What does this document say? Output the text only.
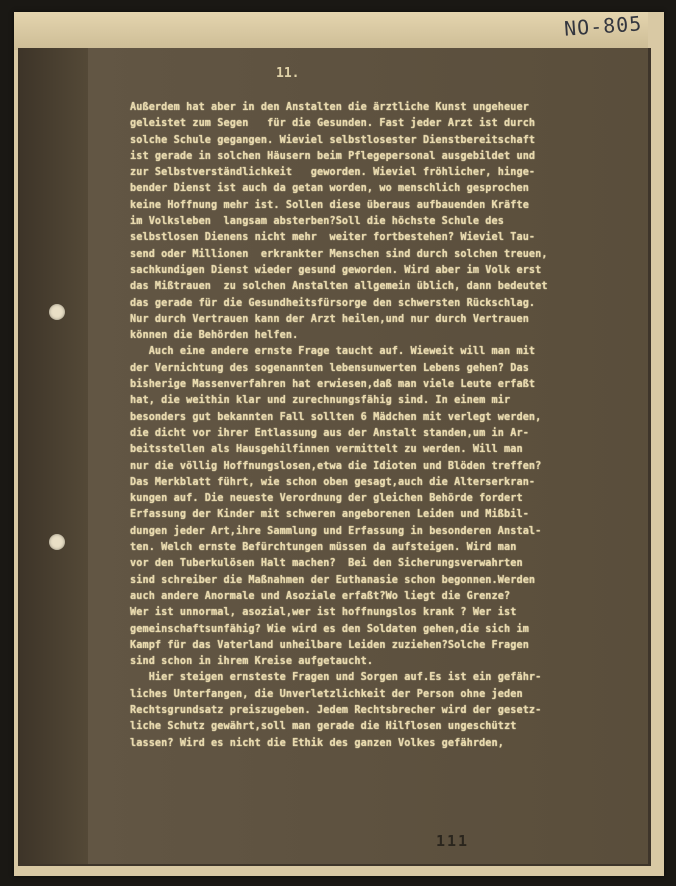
NO-805
11.
Außerdem hat aber in den Anstalten die ärztliche Kunst ungeheuer
geleistet zum Segen   für die Gesunden. Fast jeder Arzt ist durch
solche Schule gegangen. Wieviel selbstlosester Dienstbereitschaft
ist gerade in solchen Häusern beim Pflegepersonal ausgebildet und
zur Selbstverständlichkeit   geworden. Wieviel fröhlicher, hinge-
bender Dienst ist auch da getan worden, wo menschlich gesprochen
keine Hoffnung mehr ist. Sollen diese überaus aufbauenden Kräfte
im Volksleben  langsam absterben?Soll die höchste Schule des
selbstlosen Dienens nicht mehr  weiter fortbestehen? Wieviel Tau-
send oder Millionen  erkrankter Menschen sind durch solchen treuen,
sachkundigen Dienst wieder gesund geworden. Wird aber im Volk erst
das Mißtrauen  zu solchen Anstalten allgemein üblich, dann bedeutet
das gerade für die Gesundheitsfürsorge den schwersten Rückschlag.
Nur durch Vertrauen kann der Arzt heilen,und nur durch Vertrauen
können die Behörden helfen.
Auch eine andere ernste Frage taucht auf. Wieweit will man mit
der Vernichtung des sogenannten lebensunwerten Lebens gehen? Das
bisherige Massenverfahren hat erwiesen,daß man viele Leute erfaßt
hat, die weithin klar und zurechnungsfähig sind. In einem mir
besonders gut bekannten Fall sollten 6 Mädchen mit verlegt werden,
die dicht vor ihrer Entlassung aus der Anstalt standen,um in Ar-
beitsstellen als Hausgehilfinnen vermittelt zu werden. Will man
nur die völlig Hoffnungslosen,etwa die Idioten und Blöden treffen?
Das Merkblatt führt, wie schon oben gesagt,auch die Alterserkran-
kungen auf. Die neueste Verordnung der gleichen Behörde fordert
Erfassung der Kinder mit schweren angeborenen Leiden und Mißbil-
dungen jeder Art,ihre Sammlung und Erfassung in besonderen Anstal-
ten. Welch ernste Befürchtungen müssen da aufsteigen. Wird man
vor den Tuberkulösen Halt machen?  Bei den Sicherungsverwahrten
sind schreiber die Maßnahmen der Euthanasie schon begonnen.Werden
auch andere Anormale und Asoziale erfaßt?Wo liegt die Grenze?
Wer ist unnormal, asozial,wer ist hoffnungslos krank ? Wer ist
gemeinschaftsunfähig? Wie wird es den Soldaten gehen,die sich im
Kampf für das Vaterland unheilbare Leiden zuziehen?Solche Fragen
sind schon in ihrem Kreise aufgetaucht.
Hier steigen ernsteste Fragen und Sorgen auf.Es ist ein gefähr-
liches Unterfangen, die Unverletzlichkeit der Person ohne jeden
Rechtsgrundsatz preiszugeben. Jedem Rechtsbrecher wird der gesetz-
liche Schutz gewährt,soll man gerade die Hilflosen ungeschützt
lassen? Wird es nicht die Ethik des ganzen Volkes gefährden,
111
